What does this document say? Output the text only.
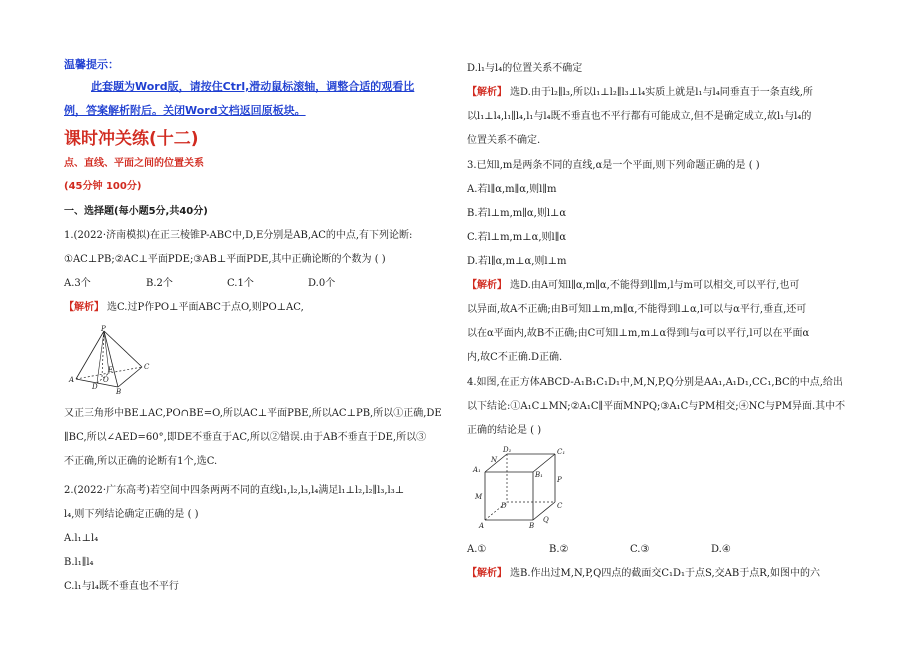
温馨提示：
此套题为Word版，请按住Ctrl,滑动鼠标滚轴，调整合适的观看比
例，答案解析附后。关闭Word文档返回原板块。
课时冲关练(十二)
点、直线、平面之间的位置关系
(45分钟 100分)
一、选择题(每小题5分,共40分)
1.(2022·济南模拟)在正三棱锥P-ABC中,D,E分别是AB,AC的中点,有下列论断:
①AC⊥PB;②AC⊥平面PDE;③AB⊥平面PDE,其中正确论断的个数为 ( )
A.3个	B.2个	C.1个	D.0个
【解析】 选C.过P作PO⊥平面ABC于点O,则PO⊥AC,
P
A
B
C
D
E
O
又正三角形中BE⊥AC,PO∩BE=O,所以AC⊥平面PBE,所以AC⊥PB,所以①正确,DE
∥BC,所以∠AED=60°,即DE不垂直于AC,所以②错误.由于AB不垂直于DE,所以③
不正确,所以正确的论断有1个,选C.
2.(2022·广东高考)若空间中四条两两不同的直线l₁,l₂,l₃,l₄满足l₁⊥l₂,l₂∥l₃,l₃⊥
l₄,则下列结论确定正确的是 ( )
A.l₁⊥l₄
B.l₁∥l₄
C.l₁与l₄既不垂直也不平行
D.l₁与l₄的位置关系不确定
【解析】 选D.由于l₂∥l₃,所以l₁⊥l₂∥l₃⊥l₄实质上就是l₁与l₄同垂直于一条直线,所
以l₁⊥l₄,l₁∥l₄,l₁与l₄既不垂直也不平行都有可能成立,但不是确定成立,故l₁与l₄的
位置关系不确定.
3.已知l,m是两条不同的直线,α是一个平面,则下列命题正确的是 ( )
A.若l∥α,m∥α,则l∥m
B.若l⊥m,m∥α,则l⊥α
C.若l⊥m,m⊥α,则l∥α
D.若l∥α,m⊥α,则l⊥m
【解析】 选D.由A可知l∥α,m∥α,不能得到l∥m,l与m可以相交,可以平行,也可
以异面,故A不正确;由B可知l⊥m,m∥α,不能得到l⊥α,l可以与α平行,垂直,还可
以在α平面内,故B不正确;由C可知l⊥m,m⊥α得到l与α可以平行,l可以在平面α
内,故C不正确.D正确.
4.如图,在正方体ABCD-A₁B₁C₁D₁中,M,N,P,Q分别是AA₁,A₁D₁,CC₁,BC的中点,给出
以下结论:①A₁C⊥MN;②A₁C∥平面MNPQ;③A₁C与PM相交;④NC与PM异面.其中不
正确的结论是 ( )
D₁	C₁
A₁
B₁
N
M
P
D	C
A	B
Q
A.①	B.②	C.③	D.④
【解析】 选B.作出过M,N,P,Q四点的截面交C₁D₁于点S,交AB于点R,如图中的六
